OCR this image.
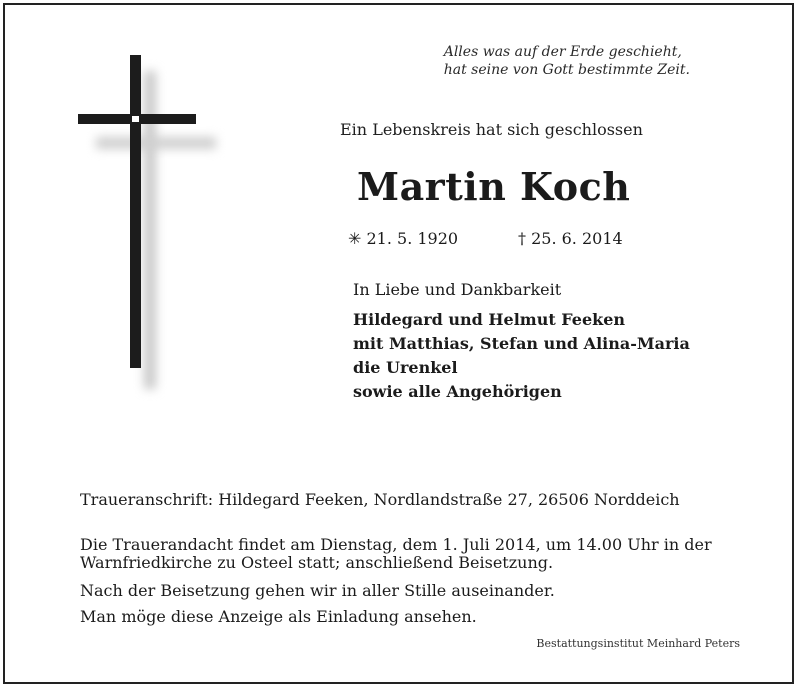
Alles was auf der Erde geschieht,
hat seine von Gott bestimmte Zeit.
Ein Lebenskreis hat sich geschlossen
Martin Koch
✳ 21. 5. 1920	† 25. 6. 2014
In Liebe und Dankbarkeit
Hildegard und Helmut Feeken
mit Matthias, Stefan und Alina-Maria
die Urenkel
sowie alle Angehörigen
Traueranschrift: Hildegard Feeken, Nordlandstraße 27, 26506 Norddeich
Die Trauerandacht findet am Dienstag, dem 1. Juli 2014, um 14.00 Uhr in der Warnfriedkirche zu Osteel statt; anschließend Beisetzung.
Nach der Beisetzung gehen wir in aller Stille auseinander.
Man möge diese Anzeige als Einladung ansehen.
Bestattungsinstitut Meinhard Peters
